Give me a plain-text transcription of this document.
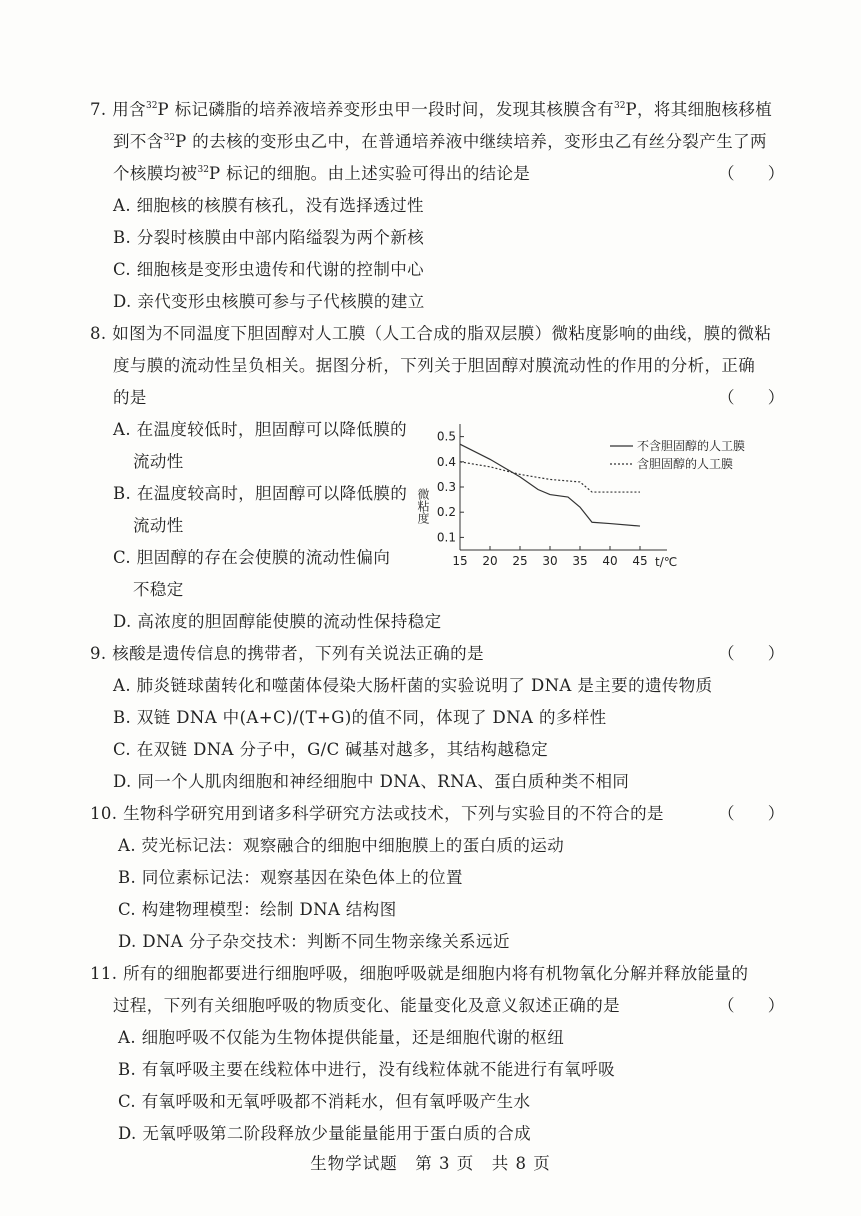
7. 用含$^{32}$P 标记磷脂的培养液培养变形虫甲一段时间，发现其核膜含有$^{32}$P，将其细胞核移植
到不含$^{32}$P 的去核的变形虫乙中，在普通培养液中继续培养，变形虫乙有丝分裂产生了两
个核膜均被$^{32}$P 标记的细胞。由上述实验可得出的结论是	（ ）
A. 细胞核的核膜有核孔，没有选择透过性
B. 分裂时核膜由中部内陷缢裂为两个新核
C. 细胞核是变形虫遗传和代谢的控制中心
D. 亲代变形虫核膜可参与子代核膜的建立
8. 如图为不同温度下胆固醇对人工膜（人工合成的脂双层膜）微粘度影响的曲线，膜的微粘
度与膜的流动性呈负相关。据图分析，下列关于胆固醇对膜流动性的作用的分析，正确
的是	（ ）
A. 在温度较低时，胆固醇可以降低膜的
流动性
B. 在温度较高时，胆固醇可以降低膜的
流动性
C. 胆固醇的存在会使膜的流动性偏向
不稳定
D. 高浓度的胆固醇能使膜的流动性保持稳定
0.5
0.4
0.3
0.2
0.1
15 20 25 30 35 40 45
微粘度
t/℃
不含胆固醇的人工膜
含胆固醇的人工膜
9. 核酸是遗传信息的携带者，下列有关说法正确的是	（ ）
A. 肺炎链球菌转化和噬菌体侵染大肠杆菌的实验说明了 DNA 是主要的遗传物质
B. 双链 DNA 中(A+C)/(T+G)的值不同，体现了 DNA 的多样性
C. 在双链 DNA 分子中，G/C 碱基对越多，其结构越稳定
D. 同一个人肌肉细胞和神经细胞中 DNA、RNA、蛋白质种类不相同
10. 生物科学研究用到诸多科学研究方法或技术，下列与实验目的不符合的是	（ ）
A. 荧光标记法：观察融合的细胞中细胞膜上的蛋白质的运动
B. 同位素标记法：观察基因在染色体上的位置
C. 构建物理模型：绘制 DNA 结构图
D. DNA 分子杂交技术：判断不同生物亲缘关系远近
11. 所有的细胞都要进行细胞呼吸，细胞呼吸就是细胞内将有机物氧化分解并释放能量的
过程，下列有关细胞呼吸的物质变化、能量变化及意义叙述正确的是	（ ）
A. 细胞呼吸不仅能为生物体提供能量，还是细胞代谢的枢纽
B. 有氧呼吸主要在线粒体中进行，没有线粒体就不能进行有氧呼吸
C. 有氧呼吸和无氧呼吸都不消耗水，但有氧呼吸产生水
D. 无氧呼吸第二阶段释放少量能量能用于蛋白质的合成
生物学试题　第 3 页　共 8 页
